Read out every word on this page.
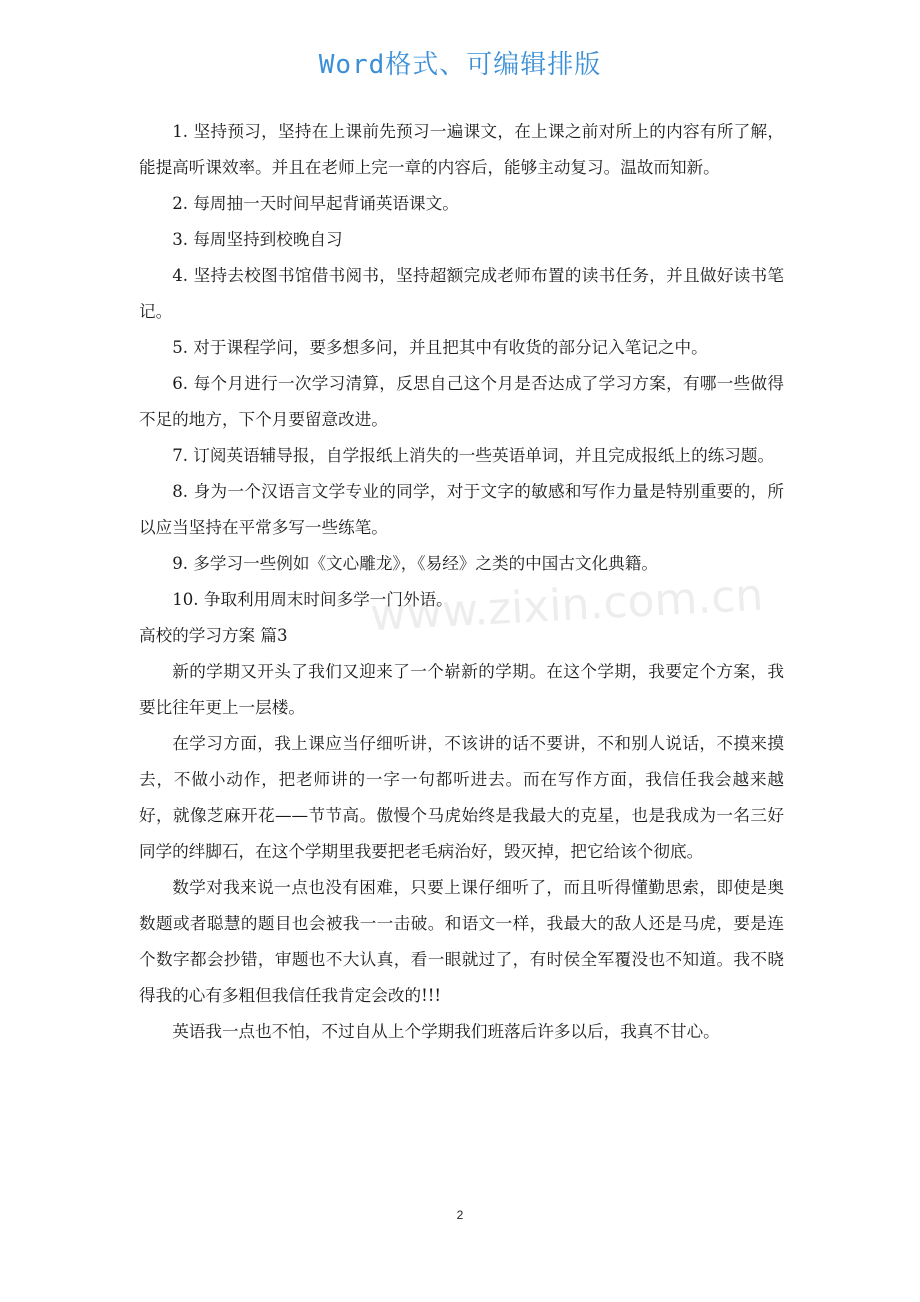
Word格式、可编辑排版
www.zixin.com.cn

1. 坚持预习，坚持在上课前先预习一遍课文，在上课之前对所上的内容有所了解，能提高听课效率。并且在老师上完一章的内容后，能够主动复习。温故而知新。

2. 每周抽一天时间早起背诵英语课文。

3. 每周坚持到校晚自习

4. 坚持去校图书馆借书阅书，坚持超额完成老师布置的读书任务，并且做好读书笔记。

5. 对于课程学问，要多想多问，并且把其中有收货的部分记入笔记之中。

6. 每个月进行一次学习清算，反思自己这个月是否达成了学习方案，有哪一些做得不足的地方，下个月要留意改进。

7. 订阅英语辅导报，自学报纸上消失的一些英语单词，并且完成报纸上的练习题。

8. 身为一个汉语言文学专业的同学，对于文字的敏感和写作力量是特别重要的，所以应当坚持在平常多写一些练笔。

9. 多学习一些例如《文心雕龙》，《易经》之类的中国古文化典籍。

10. 争取利用周末时间多学一门外语。

高校的学习方案 篇3

新的学期又开头了我们又迎来了一个崭新的学期。在这个学期，我要定个方案，我要比往年更上一层楼。

在学习方面，我上课应当仔细听讲，不该讲的话不要讲，不和别人说话，不摸来摸去，不做小动作，把老师讲的一字一句都听进去。而在写作方面，我信任我会越来越好，就像芝麻开花——节节高。傲慢个马虎始终是我最大的克星，也是我成为一名三好同学的绊脚石，在这个学期里我要把老毛病治好，毁灭掉，把它给该个彻底。

数学对我来说一点也没有困难，只要上课仔细听了，而且听得懂勤思索，即使是奥数题或者聪慧的题目也会被我一一击破。和语文一样，我最大的敌人还是马虎，要是连个数字都会抄错，审题也不大认真，看一眼就过了，有时侯全军覆没也不知道。我不晓得我的心有多粗但我信任我肯定会改的!!!

英语我一点也不怕，不过自从上个学期我们班落后许多以后，我真不甘心。

2
